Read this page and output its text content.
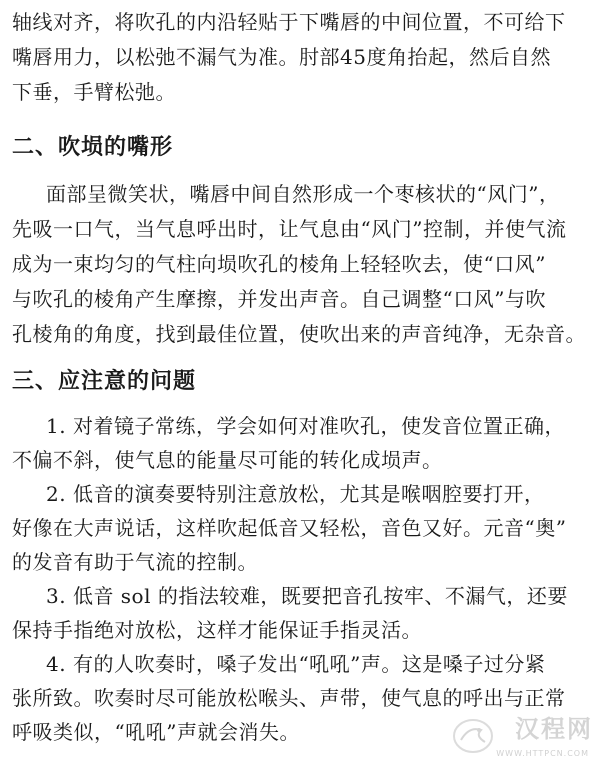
轴线对齐，将吹孔的内沿轻贴于下嘴唇的中间位置，不可给下
嘴唇用力，以松弛不漏气为准。肘部45度角抬起，然后自然
下垂，手臂松弛。
二、吹埙的嘴形
面部呈微笑状，嘴唇中间自然形成一个枣核状的“风门”，
先吸一口气，当气息呼出时，让气息由“风门”控制，并使气流
成为一束均匀的气柱向埙吹孔的棱角上轻轻吹去，使“口风”
与吹孔的棱角产生摩擦，并发出声音。自己调整“口风”与吹
孔棱角的角度，找到最佳位置，使吹出来的声音纯净，无杂音。
三、应注意的问题
1. 对着镜子常练，学会如何对准吹孔，使发音位置正确，
不偏不斜，使气息的能量尽可能的转化成埙声。
2. 低音的演奏要特别注意放松，尤其是喉咽腔要打开，
好像在大声说话，这样吹起低音又轻松，音色又好。元音“奥”
的发音有助于气流的控制。
3. 低音 sol 的指法较难，既要把音孔按牢、不漏气，还要
保持手指绝对放松，这样才能保证手指灵活。
4. 有的人吹奏时，嗓子发出“吼吼”声。这是嗓子过分紧
张所致。吹奏时尽可能放松喉头、声带，使气息的呼出与正常
呼吸类似，“吼吼”声就会消失。	汉程网
WWW.HTTPCN.COM
